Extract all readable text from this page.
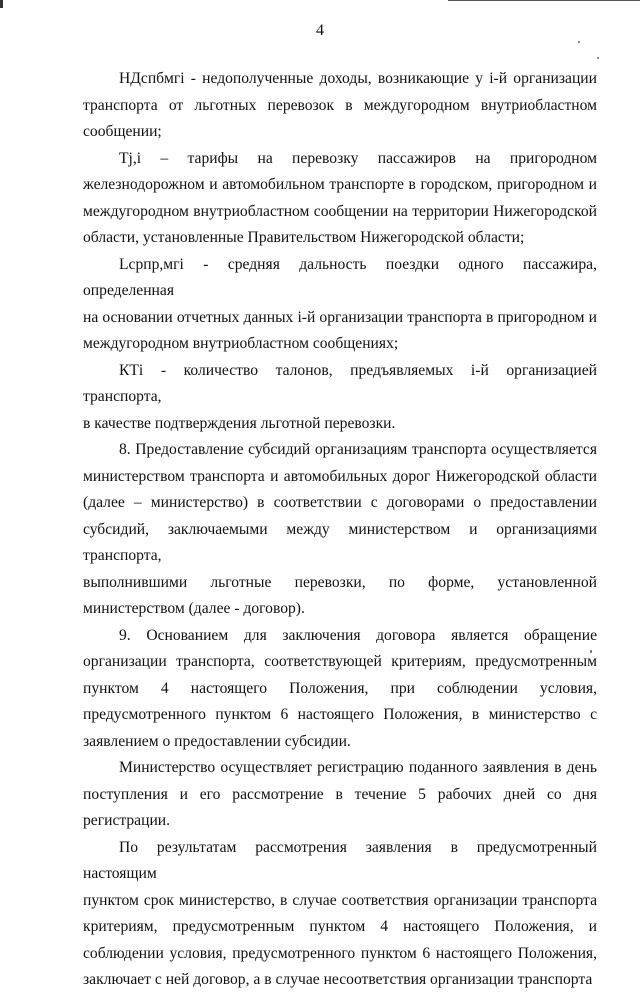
4
НДспбмгi - недополученные доходы, возникающие у i-й организации
транспорта от льготных перевозок в междугородном внутриобластном
сообщении;
Tj,i – тарифы на перевозку пассажиров на пригородном
железнодорожном и автомобильном транспорте в городском, пригородном и
междугородном внутриобластном сообщении на территории Нижегородской
области, установленные Правительством Нижегородской области;
Lсрпр,мгi - средняя дальность поездки одного пассажира, определенная
на основании отчетных данных i-й организации транспорта в пригородном и
междугородном внутриобластном сообщениях;
КТi - количество талонов, предъявляемых i-й организацией транспорта,
в качестве подтверждения льготной перевозки.
8. Предоставление субсидий организациям транспорта осуществляется
министерством транспорта и автомобильных дорог Нижегородской области
(далее – министерство) в соответствии с договорами о предоставлении
субсидий, заключаемыми между министерством и организациями транспорта,
выполнившими льготные перевозки, по форме, установленной
министерством (далее - договор).
9. Основанием для заключения договора является обращение
организации транспорта, соответствующей критериям, предусмотренным
пунктом 4 настоящего Положения, при соблюдении условия,
предусмотренного пунктом 6 настоящего Положения, в министерство с
заявлением о предоставлении субсидии.
Министерство осуществляет регистрацию поданного заявления в день
поступления и его рассмотрение в течение 5 рабочих дней со дня регистрации.
По результатам рассмотрения заявления в предусмотренный настоящим
пунктом срок министерство, в случае соответствия организации транспорта
критериям, предусмотренным пунктом 4 настоящего Положения, и
соблюдении условия, предусмотренного пунктом 6 настоящего Положения,
заключает с ней договор, а в случае несоответствия организации транспорта
